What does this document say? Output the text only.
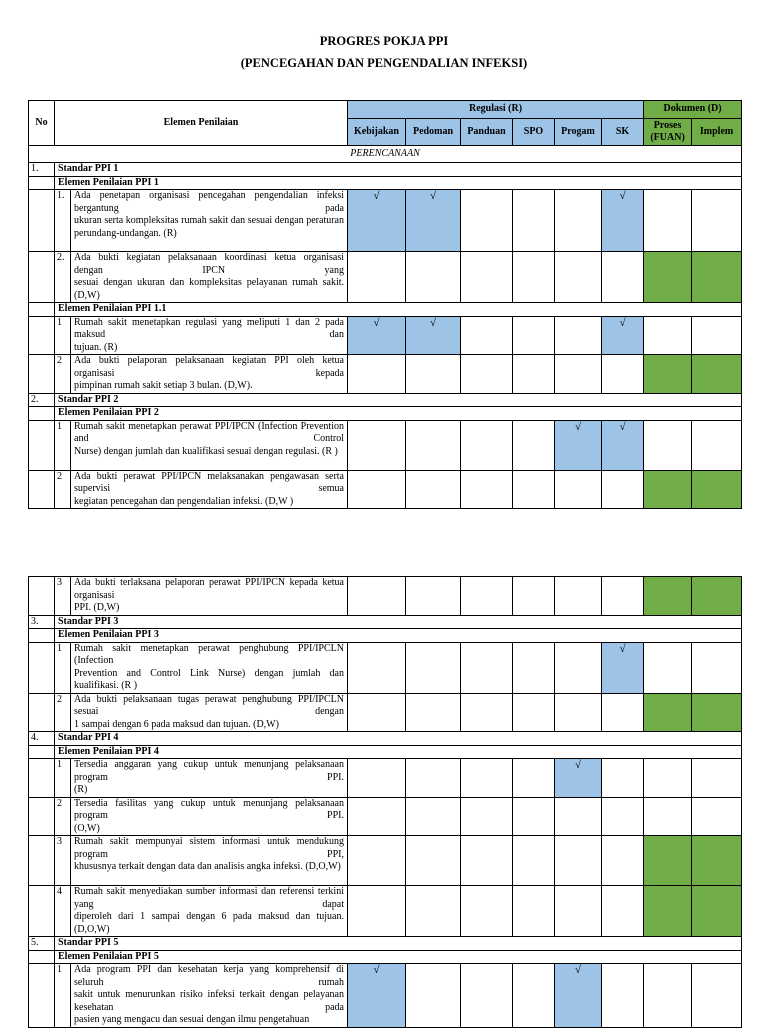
PROGRES POKJA PPI
(PENCEGAHAN DAN PENGENDALIAN INFEKSI)
No	Elemen Penilaian	Regulasi (R)						Dokumen (D)	
		Kebijakan	Pedoman	Panduan	SPO	Progam	SK	Proses (FUAN)	Implem
PERENCANAAN									
1.	Standar PPI 1								
	Elemen Penilaian PPI 1								

	1. Ada penetapan organisasi pencegahan pengendalian infeksi bergantung pada
ukuran serta kompleksitas rumah sakit dan sesuai dengan peraturan
perundang-undangan. (R)	√	√				√		

	2. Ada bukti kegiatan pelaksanaan koordinasi ketua organisasi dengan IPCN yang
sesuai dengan ukuran dan kompleksitas pelayanan rumah sakit. (D,W)								

	Elemen Penilaian PPI 1.1								

	1 Rumah sakit menetapkan regulasi yang meliputi 1 dan 2 pada maksud dan
tujuan. (R)	√	√				√		

	2 Ada bukti pelaporan pelaksanaan kegiatan PPI oleh ketua organisasi kepada
pimpinan rumah sakit setiap 3 bulan. (D,W).								

2.	Standar PPI 2								
	Elemen Penilaian PPI 2								

	1 Rumah sakit menetapkan perawat PPI/IPCN (Infection Prevention and Control
Nurse) dengan jumlah dan kualifikasi sesuai dengan regulasi. (R )					√	√		

	2 Ada bukti perawat PPI/IPCN melaksanakan pengawasan serta supervisi semua
kegiatan pencegahan dan pengendalian infeksi. (D,W )								

	3 Ada bukti terlaksana pelaporan perawat PPI/IPCN kepada ketua organisasi
PPI. (D,W)								

3.	Standar PPI 3								
	Elemen Penilaian PPI 3								

	1 Rumah sakit menetapkan perawat penghubung PPI/IPCLN (Infection
Prevention and Control Link Nurse) dengan jumlah dan kualifikasi. (R )						√		

	2 Ada bukti pelaksanaan tugas perawat penghubung PPI/IPCLN sesuai dengan
1 sampai dengan 6 pada maksud dan tujuan. (D,W)								

4.	Standar PPI 4								
	Elemen Penilaian PPI 4								

	1 Tersedia anggaran yang cukup untuk menunjang pelaksanaan program PPI.
(R)					√			

	2 Tersedia fasilitas yang cukup untuk menunjang pelaksanaan program PPI.
(O,W)								

	3 Rumah sakit mempunyai sistem informasi untuk mendukung program PPI,
khususnya terkait dengan data dan analisis angka infeksi. (D,O,W)								

	4 Rumah sakit menyediakan sumber informasi dan referensi terkini yang dapat
diperoleh dari 1 sampai dengan 6 pada maksud dan tujuan. (D,O,W)								

5.	Standar PPI 5								
	Elemen Penilaian PPI 5								

	1 Ada program PPI dan kesehatan kerja yang komprehensif di seluruh rumah
sakit untuk menurunkan risiko infeksi terkait dengan pelayanan kesehatan pada
pasien yang mengacu dan sesuai dengan ilmu pengetahuan	√				√			
